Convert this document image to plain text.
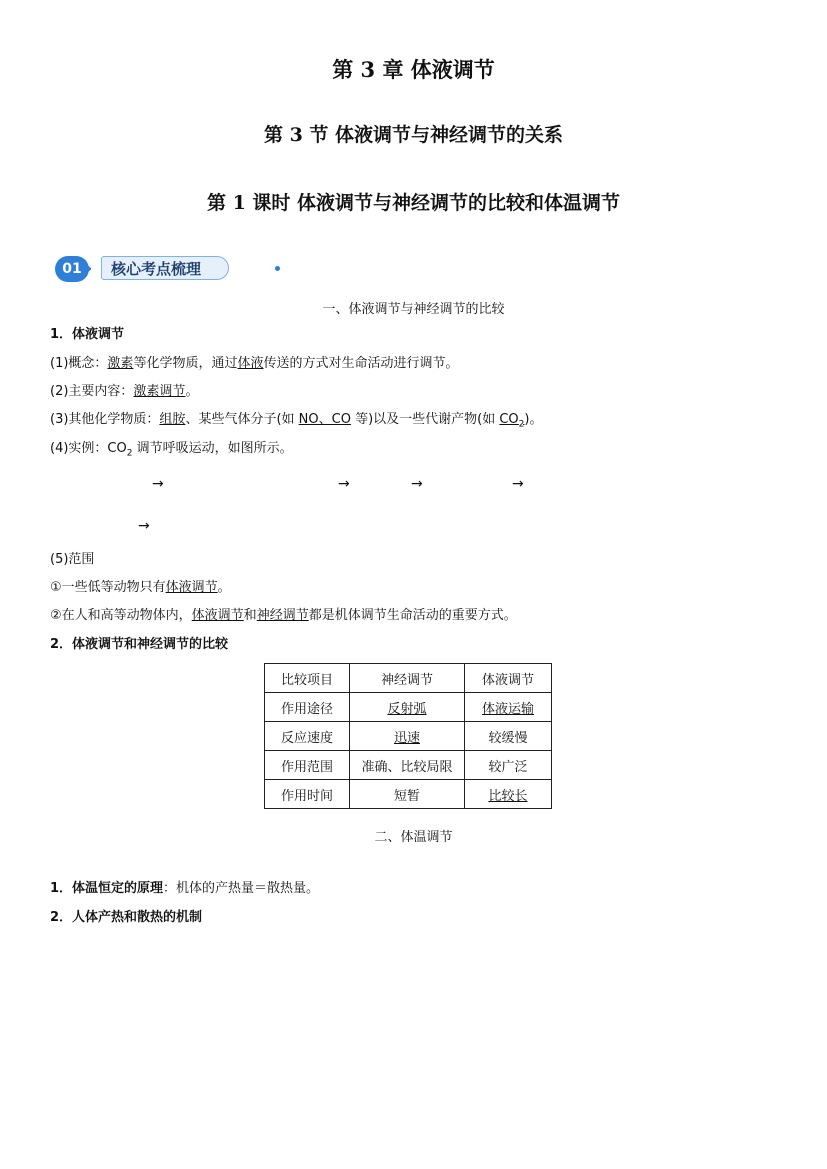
第 3 章 体液调节
第 3 节 体液调节与神经调节的关系
第 1 课时 体液调节与神经调节的比较和体温调节
01 › 核心考点梳理
一、体液调节与神经调节的比较
1．体液调节
(1)概念：激素等化学物质，通过体液传送的方式对生命活动进行调节。
(2)主要内容：激素调节。
(3)其他化学物质：组胺、某些气体分子(如 NO、CO 等)以及一些代谢产物(如 $CO_2$)。
(4)实例：$CO_2$ 调节呼吸运动，如图所示。
→	→	→	→
→
(5)范围
①一些低等动物只有体液调节。
②在人和高等动物体内，体液调节和神经调节都是机体调节生命活动的重要方式。
2．体液调节和神经调节的比较
比较项目	神经调节	体液调节
作用途径	反射弧	体液运输
反应速度	迅速	较缓慢
作用范围	准确、比较局限	较广泛
作用时间	短暂	比较长
二、体温调节
1．体温恒定的原理：机体的产热量＝散热量。
2．人体产热和散热的机制
